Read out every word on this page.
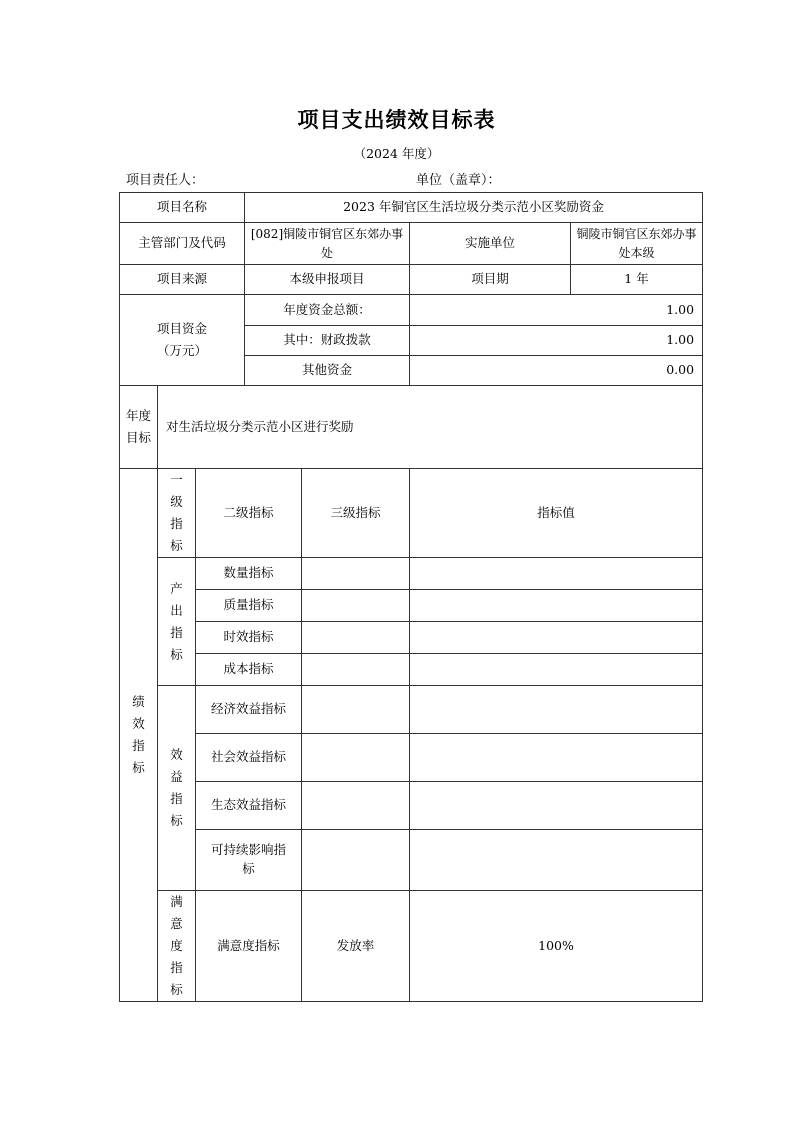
项目支出绩效目标表
（2024 年度）
项目责任人：	单位（盖章）：
项目名称			2023 年铜官区生活垃圾分类示范小区奖励资金			
主管部门及代码			[082]铜陵市铜官区东郊办事处		实施单位	铜陵市铜官区东郊办事处本级
项目来源			本级申报项目		项目期	1 年
项目资金（万元）			年度资金总额：		1.00	
			其中：财政拨款		1.00	
			其他资金		0.00	
年度目标	对生活垃圾分类示范小区进行奖励					
绩效指标	一级指标	二级指标		三级指标	指标值	
	产出指标	数量指标				
		质量指标				
		时效指标				
		成本指标				
	效益指标	经济效益指标				
		社会效益指标				
		生态效益指标				
		可持续影响指标				
	满意度指标	满意度指标		发放率	100%	
